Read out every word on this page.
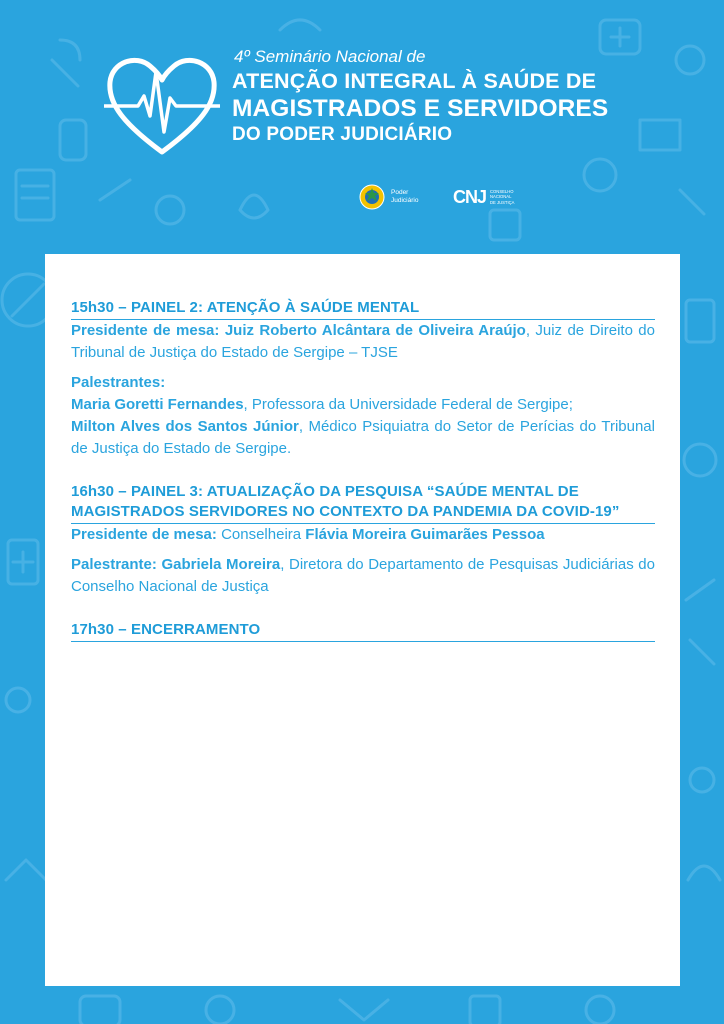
4º Seminário Nacional de
ATENÇÃO INTEGRAL À SAÚDE DE
MAGISTRADOS E SERVIDORES
DO PODER JUDICIÁRIO
Poder
Judiciário	CNJ CONSELHO
NACIONAL
DE JUSTIÇA
15h30 – PAINEL 2: ATENÇÃO À SAÚDE MENTAL

Presidente de mesa: Juiz Roberto Alcântara de Oliveira Araújo, Juiz de Direito do Tribunal de Justiça do Estado de Sergipe – TJSE

Palestrantes:
Maria Goretti Fernandes, Professora da Universidade Federal de Sergipe;
Milton Alves dos Santos Júnior, Médico Psiquiatra do Setor de Perícias do Tribunal de Justiça do Estado de Sergipe.

16h30 – PAINEL 3: ATUALIZAÇÃO DA PESQUISA “SAÚDE MENTAL DE MAGISTRADOS SERVIDORES NO CONTEXTO DA PANDEMIA DA COVID-19”

Presidente de mesa: Conselheira Flávia Moreira Guimarães Pessoa

Palestrante: Gabriela Moreira, Diretora do Departamento de Pesquisas Judiciárias do Conselho Nacional de Justiça

17h30 – ENCERRAMENTO
